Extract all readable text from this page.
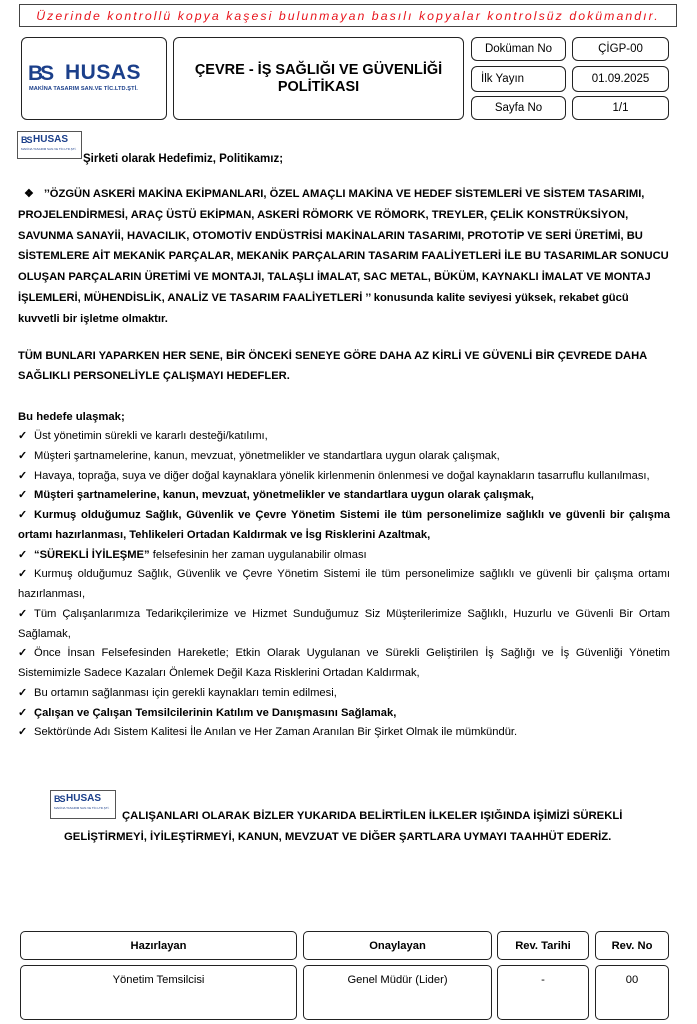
Üzerinde kontrollü kopya kaşesi bulunmayan basılı kopyalar kontrolsüz dokümandır.
BS HUSAS
MAKİNA TASARIM SAN.VE TİC.LTD.ŞTİ.
ÇEVRE - İŞ SAĞLIĞI VE GÜVENLİĞİ
POLİTİKASI
Doküman No	ÇİGP-00
İlk Yayın	01.09.2025
Sayfa No	1/1
BS HUSAS
MAKİNA TASARIM SAN.VE TİC.LTD.ŞTİ.
Şirketi olarak Hedefimiz, Politikamız;
❖ ’’ÖZGÜN ASKERİ MAKİNA EKİPMANLARI, ÖZEL AMAÇLI MAKİNA VE HEDEF SİSTEMLERİ VE SİSTEM TASARIMI, PROJELENDİRMESİ, ARAÇ ÜSTÜ EKİPMAN, ASKERİ RÖMORK VE RÖMORK, TREYLER, ÇELİK KONSTRÜKSİYON, SAVUNMA SANAYİİ, HAVACILIK, OTOMOTİV ENDÜSTRİSİ MAKİNALARIN TASARIMI, PROTOTİP VE SERİ ÜRETİMİ, BU SİSTEMLERE AİT MEKANİK PARÇALAR, MEKANİK PARÇALARIN TASARIM FAALİYETLERİ İLE BU TASARIMLAR SONUCU OLUŞAN PARÇALARIN ÜRETİMİ VE MONTAJI, TALAŞLI İMALAT, SAC METAL, BÜKÜM, KAYNAKLI İMALAT VE MONTAJ İŞLEMLERİ, MÜHENDİSLİK, ANALİZ VE TASARIM FAALİYETLERİ ’’ konusunda kalite seviyesi yüksek, rekabet gücü kuvvetli bir işletme olmaktır.
TÜM BUNLARI YAPARKEN HER SENE, BİR ÖNCEKİ SENEYE GÖRE DAHA AZ KİRLİ VE GÜVENLİ BİR ÇEVREDE DAHA SAĞLIKLI PERSONELİYLE ÇALIŞMAYI HEDEFLER.
Bu hedefe ulaşmak;
✓ Üst yönetimin sürekli ve kararlı desteği/katılımı,
✓ Müşteri şartnamelerine, kanun, mevzuat, yönetmelikler ve standartlara uygun olarak çalışmak,
✓ Havaya, toprağa, suya ve diğer doğal kaynaklara yönelik kirlenmenin önlenmesi ve doğal kaynakların tasarruflu kullanılması,
✓ Müşteri şartnamelerine, kanun, mevzuat, yönetmelikler ve standartlara uygun olarak çalışmak,
✓ Kurmuş olduğumuz Sağlık, Güvenlik ve Çevre Yönetim Sistemi ile tüm personelimize sağlıklı ve güvenli bir çalışma ortamı hazırlanması, Tehlikeleri Ortadan Kaldırmak ve İsg Risklerini Azaltmak,
✓ “SÜREKLİ İYİLEŞME” felsefesinin her zaman uygulanabilir olması
✓ Kurmuş olduğumuz Sağlık, Güvenlik ve Çevre Yönetim Sistemi ile tüm personelimize sağlıklı ve güvenli bir çalışma ortamı hazırlanması,
✓ Tüm Çalışanlarımıza Tedarikçilerimize ve Hizmet Sunduğumuz Siz Müşterilerimize Sağlıklı, Huzurlu ve Güvenli Bir Ortam Sağlamak,
✓ Önce İnsan Felsefesinden Hareketle; Etkin Olarak Uygulanan ve Sürekli Geliştirilen İş Sağlığı ve İş Güvenliği Yönetim Sistemimizle Sadece Kazaları Önlemek Değil Kaza Risklerini Ortadan Kaldırmak,
✓ Bu ortamın sağlanması için gerekli kaynakları temin edilmesi,
✓ Çalışan ve Çalışan Temsilcilerinin Katılım ve Danışmasını Sağlamak,
✓ Sektöründe Adı Sistem Kalitesi İle Anılan ve Her Zaman Aranılan Bir Şirket Olmak ile mümkündür.
BS HUSAS
MAKİNA TASARIM SAN.VE TİC.LTD.ŞTİ.
ÇALIŞANLARI OLARAK BİZLER YUKARIDA BELİRTİLEN İLKELER IŞIĞINDA İŞİMİZİ SÜREKLİ GELİŞTİRMEYİ, İYİLEŞTİRMEYİ, KANUN, MEVZUAT VE DİĞER ŞARTLARA UYMAYI TAAHHÜT EDERİZ.
Hazırlayan	Onaylayan	Rev. Tarihi	Rev. No
Yönetim Temsilcisi	Genel Müdür (Lider)	-	00
